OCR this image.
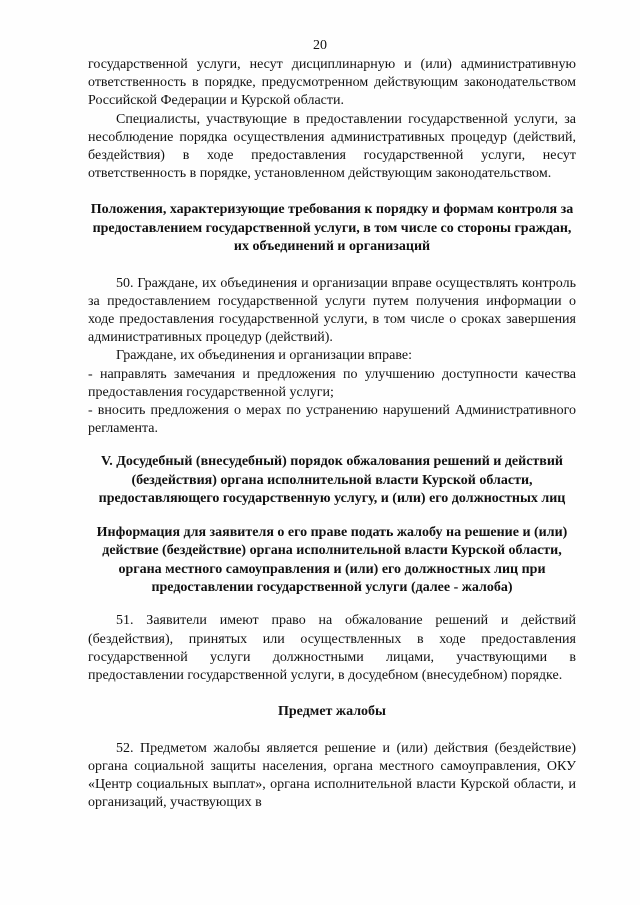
20

государственной услуги, несут дисциплинарную и (или) административную ответственность в порядке, предусмотренном действующим законодательством Российской Федерации и Курской области.

Специалисты, участвующие в предоставлении государственной услуги, за несоблюдение порядка осуществления административных процедур (действий, бездействия) в ходе предоставления государственной услуги, несут ответственность в порядке, установленном действующим законодательством.

Положения, характеризующие требования к порядку и формам контроля за предоставлением государственной услуги, в том числе со стороны граждан, их объединений и организаций

50. Граждане, их объединения и организации вправе осуществлять контроль за предоставлением государственной услуги путем получения информации о ходе предоставления государственной услуги, в том числе о сроках завершения административных процедур (действий).

Граждане, их объединения и организации вправе:

- направлять замечания и предложения по улучшению доступности качества предоставления государственной услуги;

- вносить предложения о мерах по устранению нарушений Административного регламента.

V. Досудебный (внесудебный) порядок обжалования решений и действий (бездействия) органа исполнительной власти Курской области, предоставляющего государственную услугу, и (или) его должностных лиц
Информация для заявителя о его праве подать жалобу на решение и (или) действие (бездействие) органа исполнительной власти Курской области, органа местного самоуправления и (или) его должностных лиц при предоставлении государственной услуги (далее - жалоба)

51. Заявители имеют право на обжалование решений и действий (бездействия), принятых или осуществленных в ходе предоставления государственной услуги должностными лицами, участвующими в предоставлении государственной услуги, в досудебном (внесудебном) порядке.

Предмет жалобы

52. Предметом жалобы является решение и (или) действия (бездействие) органа социальной защиты населения, органа местного самоуправления, ОКУ «Центр социальных выплат», органа исполнительной власти Курской области, и организаций, участвующих в
